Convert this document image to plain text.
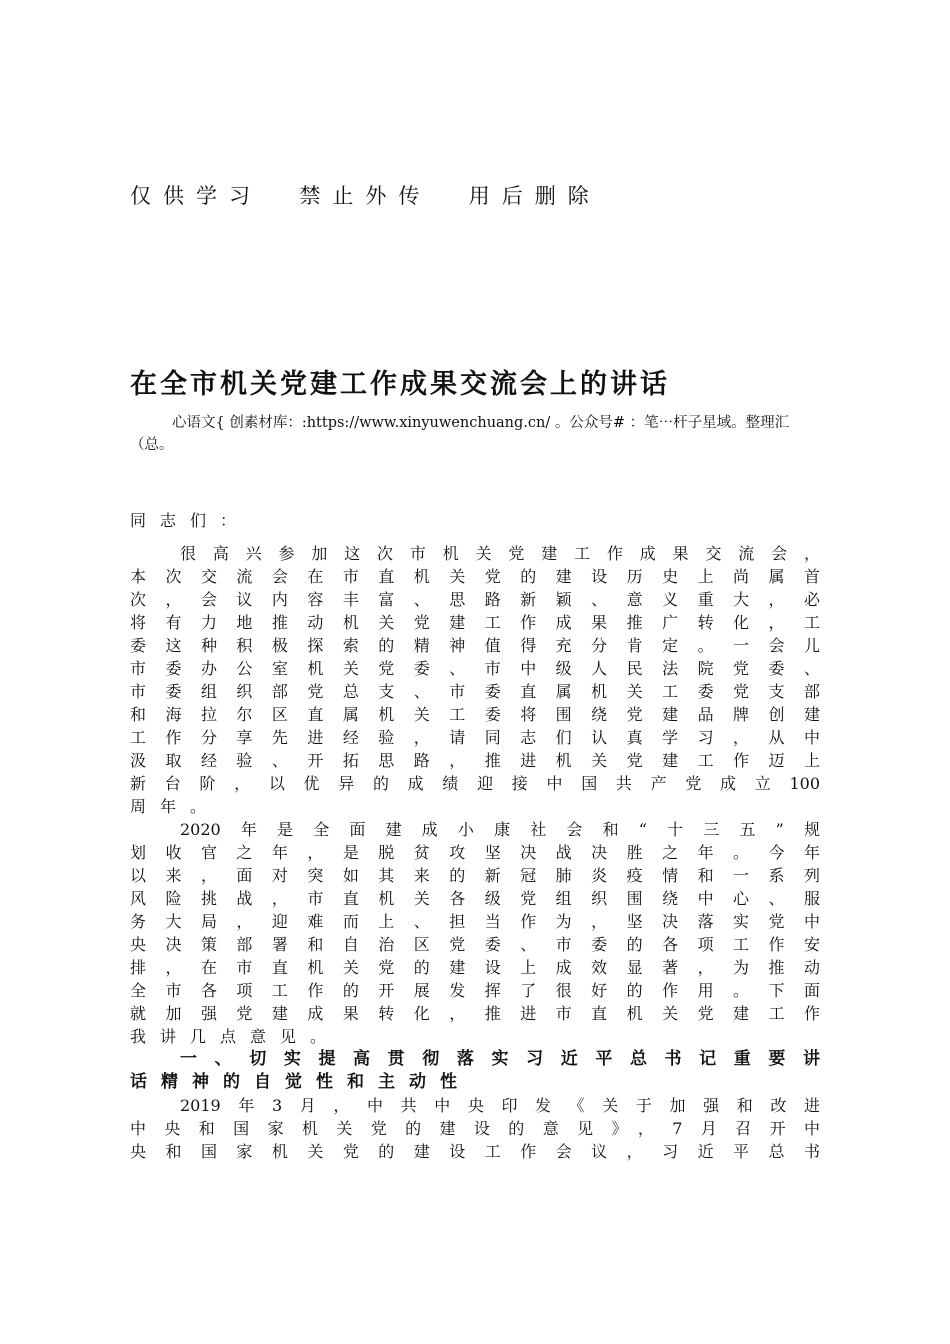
仅供学习  禁止外传  用后删除
在全市机关党建工作成果交流会上的讲话
心语文{ 创素材库：:https://www.xinyuwenchuang.cn/ 。公众号# ：笔⋯杆子星域。整理汇（总。
同志们：
很高兴参加这次市机关党建工作成果交流会，
本次交流会在市直机关党的建设历史上尚属首
次，会议内容丰富、思路新颖、意义重大，必
将有力地推动机关党建工作成果推广转化，工
委这种积极探索的精神值得充分肯定。一会儿
市委办公室机关党委、市中级人民法院党委、
市委组织部党总支、市委直属机关工委党支部
和海拉尔区直属机关工委将围绕党建品牌创建
工作分享先进经验，请同志们认真学习，从中
汲取经验、开拓思路，推进机关党建工作迈上
新台阶，以优异的成绩迎接中国共产党成立100
周年。
2020年是全面建成小康社会和“十三五”规
划收官之年，是脱贫攻坚决战决胜之年。今年
以来，面对突如其来的新冠肺炎疫情和一系列
风险挑战，市直机关各级党组织围绕中心、服
务大局，迎难而上、担当作为，坚决落实党中
央决策部署和自治区党委、市委的各项工作安
排，在市直机关党的建设上成效显著，为推动
全市各项工作的开展发挥了很好的作用。下面
就加强党建成果转化，推进市直机关党建工作
我讲几点意见。
一、切实提高贯彻落实习近平总书记重要讲
话精神的自觉性和主动性
2019年3月，中共中央印发《关于加强和改进
中央和国家机关党的建设的意见》，7月召开中
央和国家机关党的建设工作会议，习近平总书
